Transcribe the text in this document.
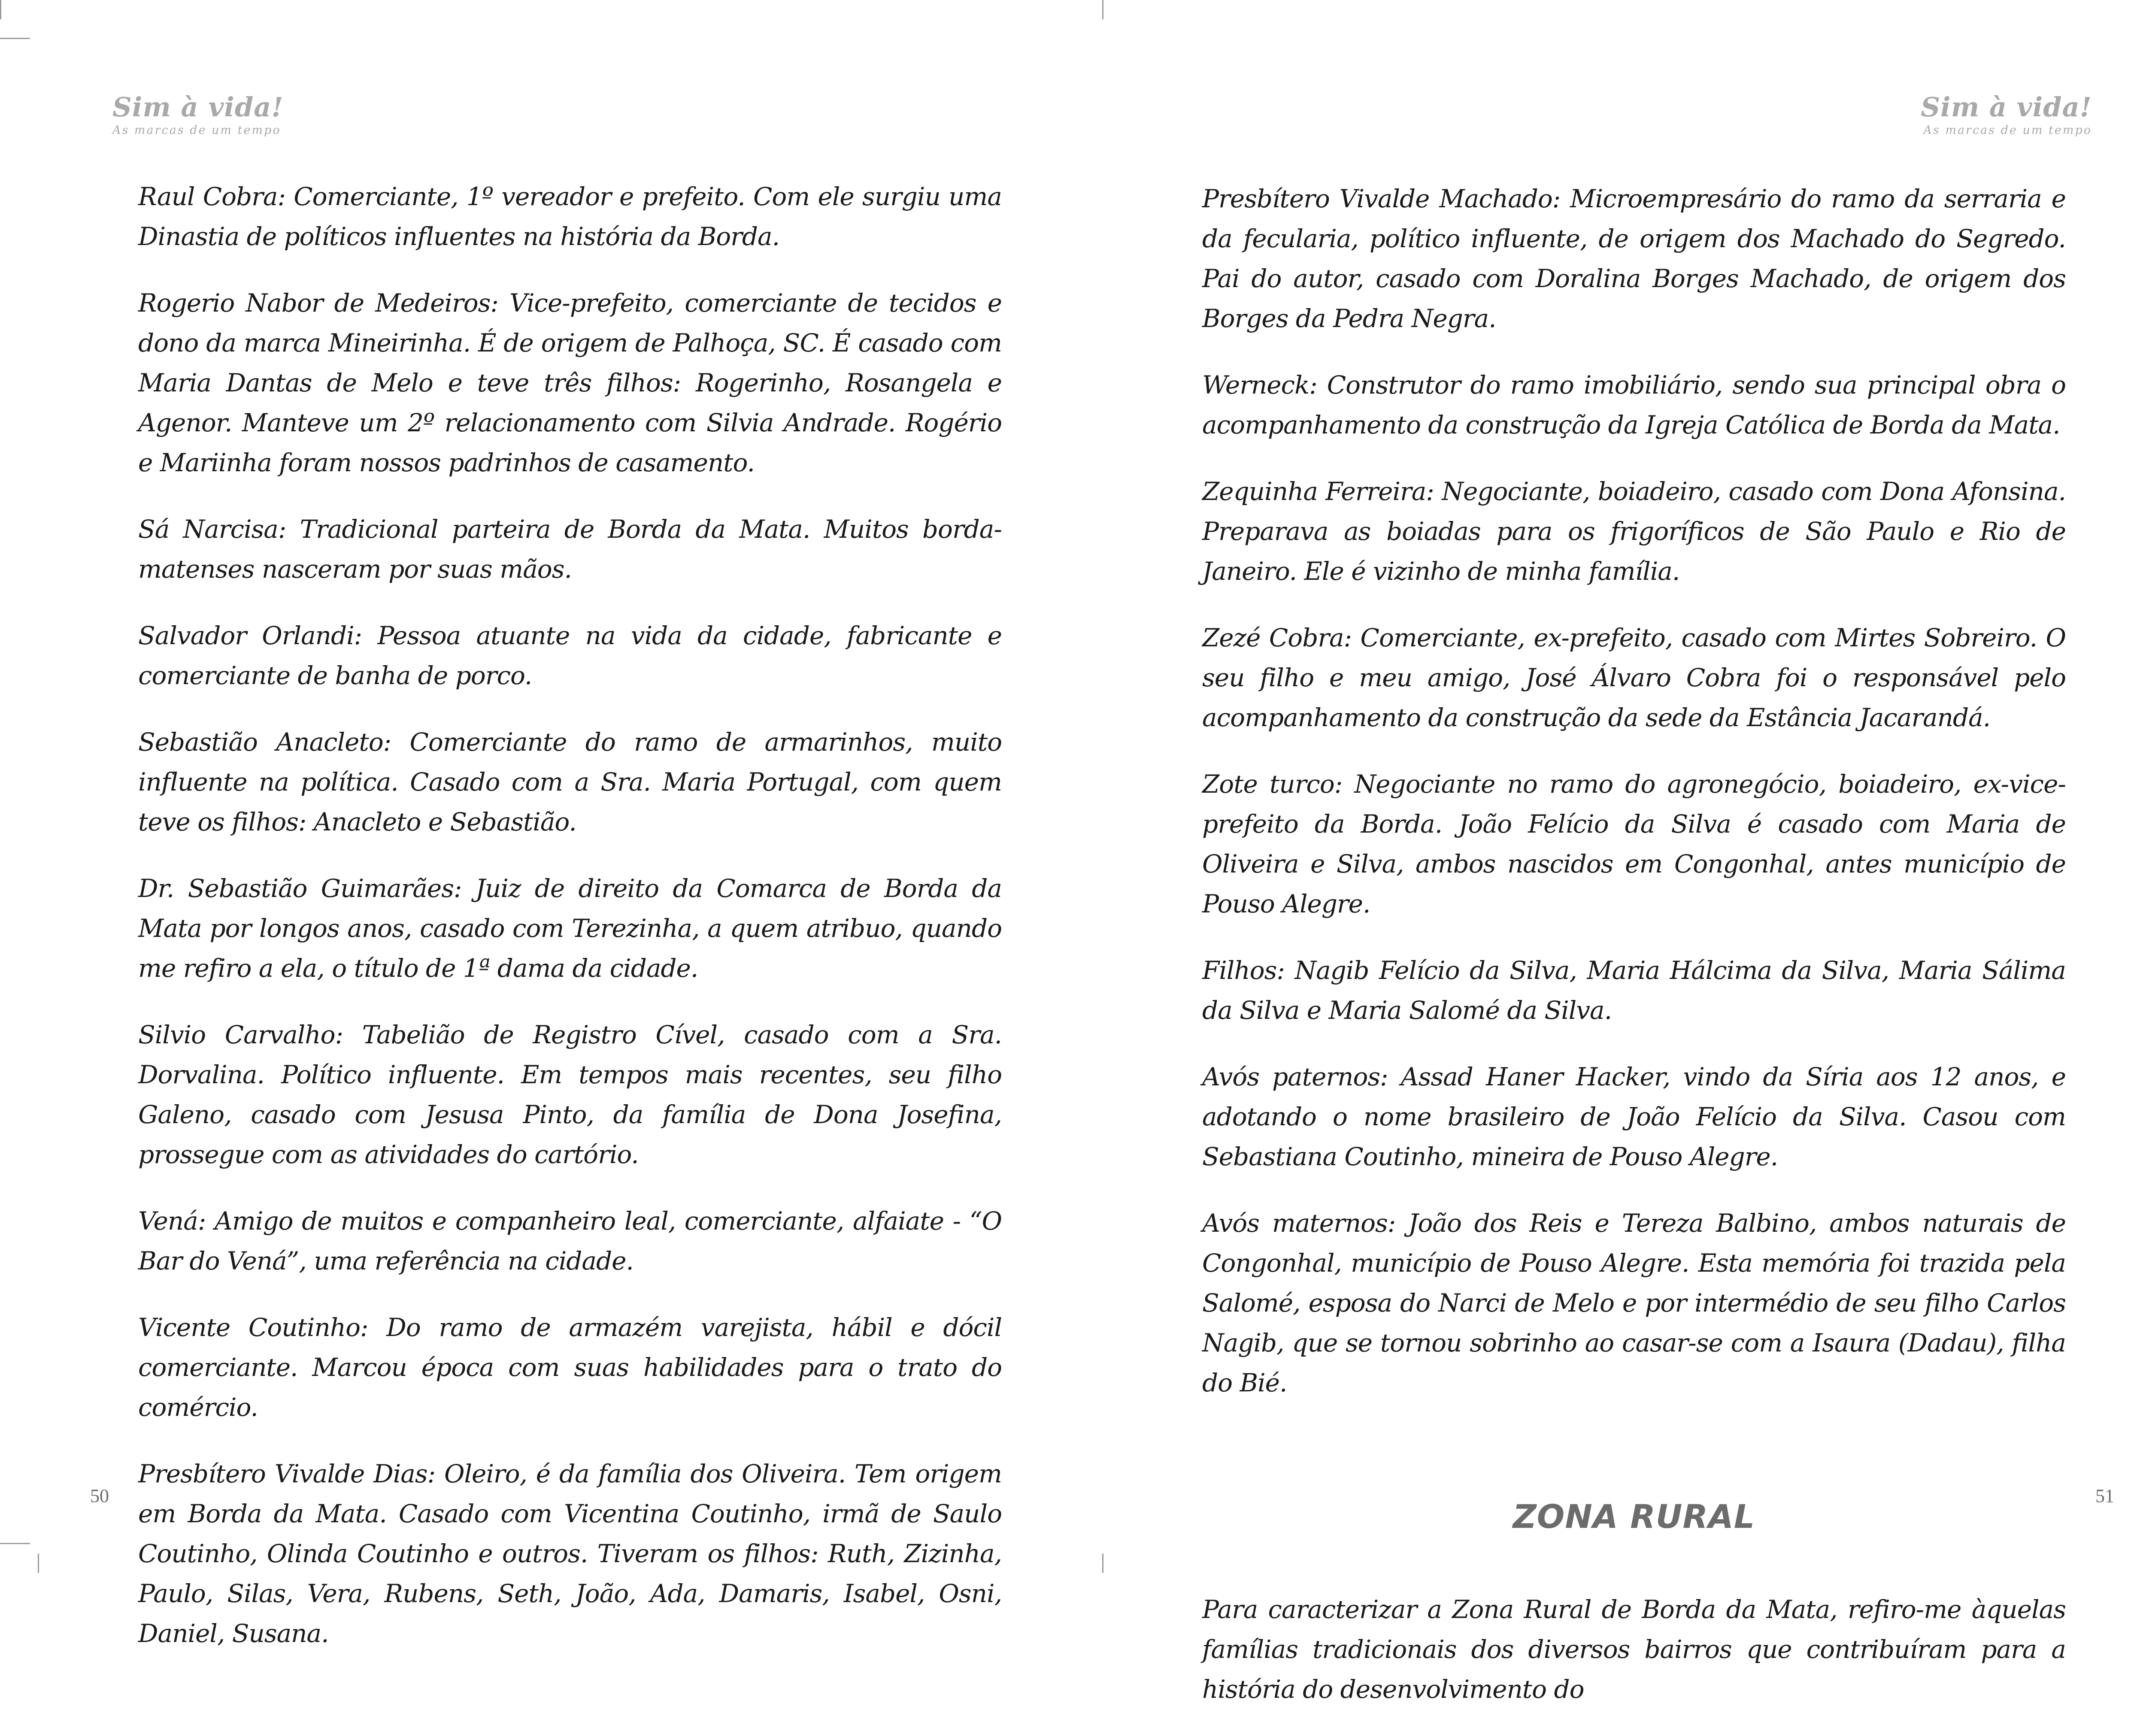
Sim à vida!
As marcas de um tempo

Raul Cobra: Comerciante, 1º vereador e prefeito. Com ele surgiu uma Dinastia de políticos influentes na história da Borda.

Rogerio Nabor de Medeiros: Vice-prefeito, comerciante de tecidos e dono da marca Mineirinha. É de origem de Palhoça, SC. É casado com Maria Dantas de Melo e teve três filhos: Rogerinho, Rosangela e Agenor. Manteve um 2º relacionamento com Silvia Andrade. Rogério e Mariinha foram nossos padrinhos de casamento.

Sá Narcisa: Tradicional parteira de Borda da Mata. Muitos borda-matenses nasceram por suas mãos.

Salvador Orlandi: Pessoa atuante na vida da cidade, fabricante e comerciante de banha de porco.

Sebastião Anacleto: Comerciante do ramo de armarinhos, muito influente na política. Casado com a Sra. Maria Portugal, com quem teve os filhos: Anacleto e Sebastião.

Dr. Sebastião Guimarães: Juiz de direito da Comarca de Borda da Mata por longos anos, casado com Terezinha, a quem atribuo, quando me refiro a ela, o título de 1ª dama da cidade.

Silvio Carvalho: Tabelião de Registro Cível, casado com a Sra. Dorvalina. Político influente. Em tempos mais recentes, seu filho Galeno, casado com Jesusa Pinto, da família de Dona Josefina, prossegue com as atividades do cartório.

Vená: Amigo de muitos e companheiro leal, comerciante, alfaiate - “O Bar do Vená”, uma referência na cidade.

Vicente Coutinho: Do ramo de armazém varejista, hábil e dócil comerciante. Marcou época com suas habilidades para o trato do comércio.

Presbítero Vivalde Dias: Oleiro, é da família dos Oliveira. Tem origem em Borda da Mata. Casado com Vicentina Coutinho, irmã de Saulo Coutinho, Olinda Coutinho e outros. Tiveram os filhos: Ruth, Zizinha, Paulo, Silas, Vera, Rubens, Seth, João, Ada, Damaris, Isabel, Osni, Daniel, Susana.

50
Sim à vida!
As marcas de um tempo

Presbítero Vivalde Machado: Microempresário do ramo da serraria e da fecularia, político influente, de origem dos Machado do Segredo. Pai do autor, casado com Doralina Borges Machado, de origem dos Borges da Pedra Negra.

Werneck: Construtor do ramo imobiliário, sendo sua principal obra o acompanhamento da construção da Igreja Católica de Borda da Mata.

Zequinha Ferreira: Negociante, boiadeiro, casado com Dona Afonsina. Preparava as boiadas para os frigoríficos de São Paulo e Rio de Janeiro. Ele é vizinho de minha família.

Zezé Cobra: Comerciante, ex-prefeito, casado com Mirtes Sobreiro. O seu filho e meu amigo, José Álvaro Cobra foi o responsável pelo acompanhamento da construção da sede da Estância Jacarandá.

Zote turco: Negociante no ramo do agronegócio, boiadeiro, ex-vice-prefeito da Borda. João Felício da Silva é casado com Maria de Oliveira e Silva, ambos nascidos em Congonhal, antes município de Pouso Alegre.

Filhos: Nagib Felício da Silva, Maria Hálcima da Silva, Maria Sálima da Silva e Maria Salomé da Silva.

Avós paternos: Assad Haner Hacker, vindo da Síria aos 12 anos, e adotando o nome brasileiro de João Felício da Silva. Casou com Sebastiana Coutinho, mineira de Pouso Alegre.

Avós maternos: João dos Reis e Tereza Balbino, ambos naturais de Congonhal, município de Pouso Alegre. Esta memória foi trazida pela Salomé, esposa do Narci de Melo e por intermédio de seu filho Carlos Nagib, que se tornou sobrinho ao casar-se com a Isaura (Dadau), filha do Bié.

ZONA RURAL

Para caracterizar a Zona Rural de Borda da Mata, refiro-me àquelas famílias tradicionais dos diversos bairros que contribuíram para a história do desenvolvimento do

51
